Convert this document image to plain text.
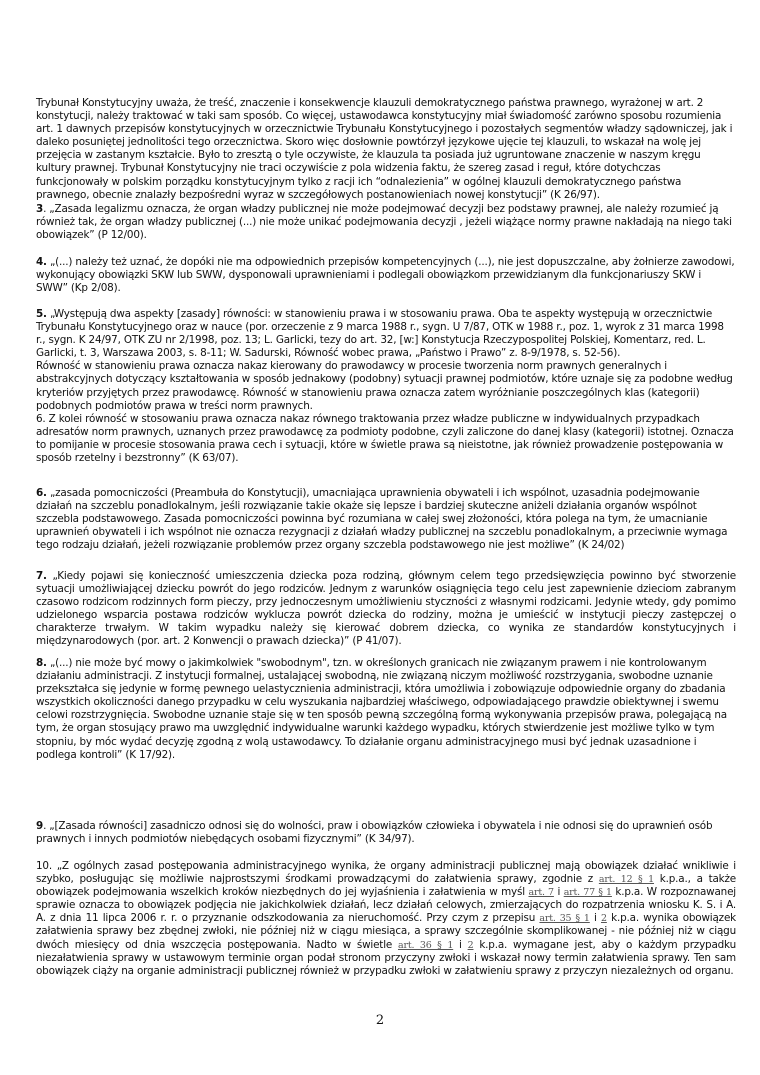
Trybunał Konstytucyjny uważa, że treść, znaczenie i konsekwencje klauzuli demokratycznego państwa prawnego, wyrażonej w art. 2 konstytucji, należy traktować w taki sam sposób. Co więcej, ustawodawca konstytucyjny miał świadomość zarówno sposobu rozumienia art. 1 dawnych przepisów konstytucyjnych w orzecznictwie Trybunału Konstytucyjnego i pozostałych segmentów władzy sądowniczej, jak i daleko posuniętej jednolitości tego orzecznictwa. Skoro więc dosłownie powtórzył językowe ujęcie tej klauzuli, to wskazał na wolę jej przejęcia w zastanym kształcie. Było to zresztą o tyle oczywiste, że klauzula ta posiada już ugruntowane znaczenie w naszym kręgu kultury prawnej. Trybunał Konstytucyjny nie traci oczywiście z pola widzenia faktu, że szereg zasad i reguł, które dotychczas funkcjonowały w polskim porządku konstytucyjnym tylko z racji ich “odnalezienia” w ogólnej klauzuli demokratycznego państwa prawnego, obecnie znalazły bezpośredni wyraz w szczegółowych postanowieniach nowej konstytucji” (K 26/97).

3. „Zasada legalizmu oznacza, że organ władzy publicznej nie może podejmować decyzji bez podstawy prawnej, ale należy rozumieć ją również tak, że organ władzy publicznej (...) nie może unikać podejmowania decyzji , jeżeli wiążące normy prawne nakładają na niego taki obowiązek” (P 12/00).

4. „(...) należy też uznać, że dopóki nie ma odpowiednich przepisów kompetencyjnych (...), nie jest dopuszczalne, aby żołnierze zawodowi, wykonujący obowiązki SKW lub SWW, dysponowali uprawnieniami i podlegali obowiązkom przewidzianym dla funkcjonariuszy SKW i SWW” (Kp 2/08).

5. „Występują dwa aspekty [zasady] równości: w stanowieniu prawa i w stosowaniu prawa. Oba te aspekty występują w orzecznictwie Trybunału Konstytucyjnego oraz w nauce (por. orzeczenie z 9 marca 1988 r., sygn. U 7/87, OTK w 1988 r., poz. 1, wyrok z 31 marca 1998 r., sygn. K 24/97, OTK ZU nr 2/1998, poz. 13; L. Garlicki, tezy do art. 32, [w:] Konstytucja Rzeczypospolitej Polskiej, Komentarz, red. L. Garlicki, t. 3, Warszawa 2003, s. 8-11; W. Sadurski, Równość wobec prawa, „Państwo i Prawo” z. 8-9/1978, s. 52-56).
Równość w stanowieniu prawa oznacza nakaz kierowany do prawodawcy w procesie tworzenia norm prawnych generalnych i abstrakcyjnych dotyczący kształtowania w sposób jednakowy (podobny) sytuacji prawnej podmiotów, które uznaje się za podobne według kryteriów przyjętych przez prawodawcę. Równość w stanowieniu prawa oznacza zatem wyróżnianie poszczególnych klas (kategorii) podobnych podmiotów prawa w treści norm prawnych.
6. Z kolei równość w stosowaniu prawa oznacza nakaz równego traktowania przez władze publiczne w indywidualnych przypadkach adresatów norm prawnych, uznanych przez prawodawcę za podmioty podobne, czyli zaliczone do danej klasy (kategorii) istotnej. Oznacza to pomijanie w procesie stosowania prawa cech i sytuacji, które w świetle prawa są nieistotne, jak również prowadzenie postępowania w sposób rzetelny i bezstronny” (K 63/07).

6. „zasada pomocniczości (Preambuła do Konstytucji), umacniająca uprawnienia obywateli i ich wspólnot, uzasadnia podejmowanie działań na szczeblu ponadlokalnym, jeśli rozwiązanie takie okaże się lepsze i bardziej skuteczne aniżeli działania organów wspólnot szczebla podstawowego. Zasada pomocniczości powinna być rozumiana w całej swej złożoności, która polega na tym, że umacnianie uprawnień obywateli i ich wspólnot nie oznacza rezygnacji z działań władzy publicznej na szczeblu ponadlokalnym, a przeciwnie wymaga tego rodzaju działań, jeżeli rozwiązanie problemów przez organy szczebla podstawowego nie jest możliwe” (K 24/02)

7. „Kiedy pojawi się konieczność umieszczenia dziecka poza rodziną, głównym celem tego przedsięwzięcia powinno być stworzenie sytuacji umożliwiającej dziecku powrót do jego rodziców. Jednym z warunków osiągnięcia tego celu jest zapewnienie dzieciom zabranym czasowo rodzicom rodzinnych form pieczy, przy jednoczesnym umożliwieniu styczności z własnymi rodzicami. Jedynie wtedy, gdy pomimo udzielonego wsparcia postawa rodziców wyklucza powrót dziecka do rodziny, można je umieścić w instytucji pieczy zastępczej o charakterze trwałym. W takim wypadku należy się kierować dobrem dziecka, co wynika ze standardów konstytucyjnych i międzynarodowych (por. art. 2 Konwencji o prawach dziecka)” (P 41/07).

8. „(...) nie może być mowy o jakimkolwiek "swobodnym", tzn. w określonych granicach nie związanym prawem i nie kontrolowanym działaniu administracji. Z instytucji formalnej, ustalającej swobodną, nie związaną niczym możliwość rozstrzygania, swobodne uznanie przekształca się jedynie w formę pewnego uelastycznienia administracji, która umożliwia i zobowiązuje odpowiednie organy do zbadania wszystkich okoliczności danego przypadku w celu wyszukania najbardziej właściwego, odpowiadającego prawdzie obiektywnej i swemu celowi rozstrzygnięcia. Swobodne uznanie staje się w ten sposób pewną szczególną formą wykonywania przepisów prawa, polegającą na tym, że organ stosujący prawo ma uwzględnić indywidualne warunki każdego wypadku, których stwierdzenie jest możliwe tylko w tym stopniu, by móc wydać decyzję zgodną z wolą ustawodawcy. To działanie organu administracyjnego musi być jednak uzasadnione i podlega kontroli” (K 17/92).

9. „[Zasada równości] zasadniczo odnosi się do wolności, praw i obowiązków człowieka i obywatela i nie odnosi się do uprawnień osób prawnych i innych podmiotów niebędących osobami fizycznymi” (K 34/97).

10. „Z ogólnych zasad postępowania administracyjnego wynika, że organy administracji publicznej mają obowiązek działać wnikliwie i szybko, posługując się możliwie najprostszymi środkami prowadzącymi do załatwienia sprawy, zgodnie z art. 12 § 1 k.p.a., a także obowiązek podejmowania wszelkich kroków niezbędnych do jej wyjaśnienia i załatwienia w myśl art. 7 i art. 77 § 1 k.p.a. W rozpoznawanej sprawie oznacza to obowiązek podjęcia nie jakichkolwiek działań, lecz działań celowych, zmierzających do rozpatrzenia wniosku K. S. i A. A. z dnia 11 lipca 2006 r. r. o przyznanie odszkodowania za nieruchomość. Przy czym z przepisu art. 35 § 1 i 2 k.p.a. wynika obowiązek załatwienia sprawy bez zbędnej zwłoki, nie później niż w ciągu miesiąca, a sprawy szczególnie skomplikowanej - nie później niż w ciągu dwóch miesięcy od dnia wszczęcia postępowania. Nadto w świetle art. 36 § 1 i 2 k.p.a. wymagane jest, aby o każdym przypadku niezałatwienia sprawy w ustawowym terminie organ podał stronom przyczyny zwłoki i wskazał nowy termin załatwienia sprawy. Ten sam obowiązek ciąży na organie administracji publicznej również w przypadku zwłoki w załatwieniu sprawy z przyczyn niezależnych od organu.

2
